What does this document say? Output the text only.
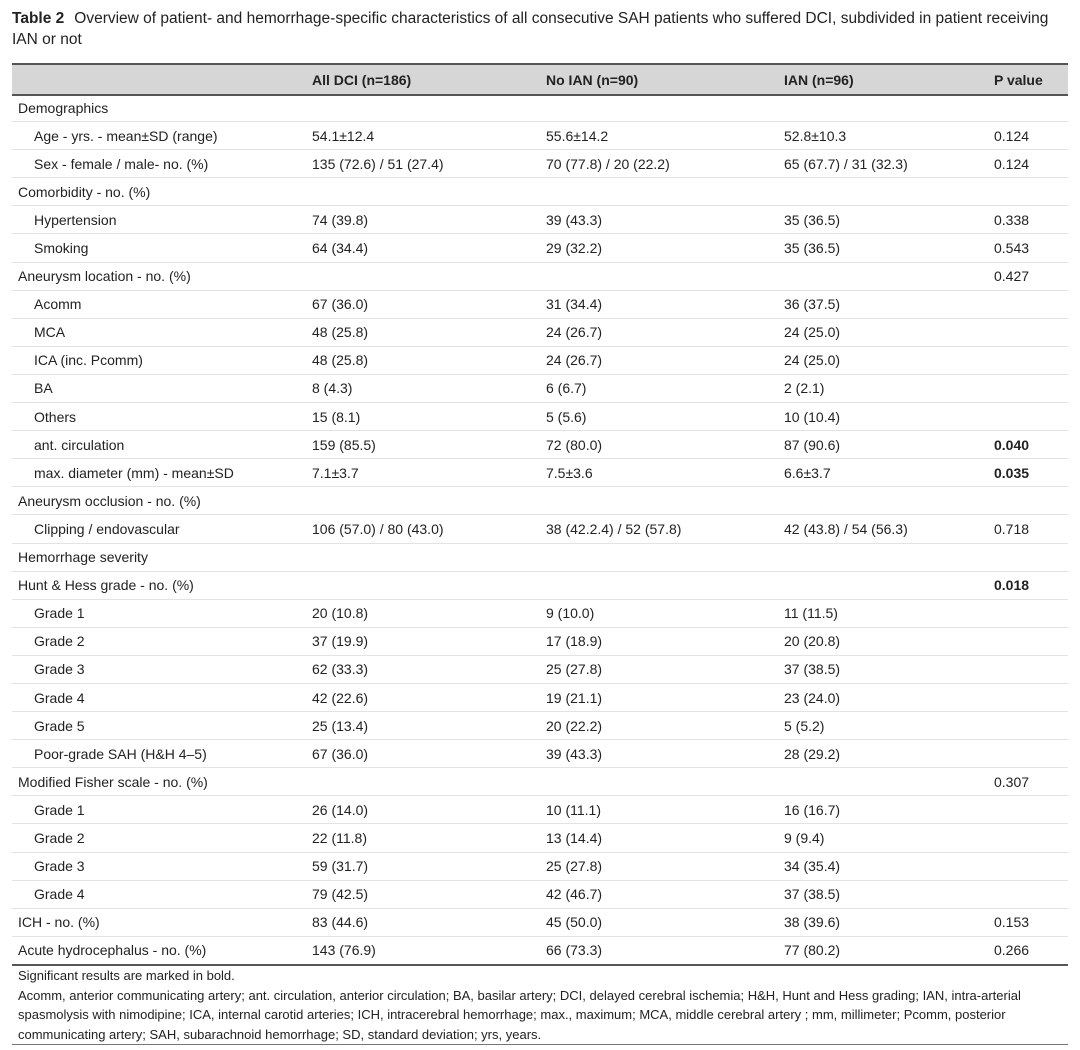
Table 2 Overview of patient- and hemorrhage-specific characteristics of all consecutive SAH patients who suffered DCI, subdivided in patient receiving IAN or not
	All DCI (n=186)	No IAN (n=90)	IAN (n=96)	P value
Demographics				
Age - yrs. - mean±SD (range)	54.1±12.4	55.6±14.2	52.8±10.3	0.124
Sex - female / male- no. (%)	135 (72.6) / 51 (27.4)	70 (77.8) / 20 (22.2)	65 (67.7) / 31 (32.3)	0.124
Comorbidity - no. (%)				
Hypertension	74 (39.8)	39 (43.3)	35 (36.5)	0.338
Smoking	64 (34.4)	29 (32.2)	35 (36.5)	0.543
Aneurysm location - no. (%)				0.427
Acomm	67 (36.0)	31 (34.4)	36 (37.5)	
MCA	48 (25.8)	24 (26.7)	24 (25.0)	
ICA (inc. Pcomm)	48 (25.8)	24 (26.7)	24 (25.0)	
BA	8 (4.3)	6 (6.7)	2 (2.1)	
Others	15 (8.1)	5 (5.6)	10 (10.4)	
ant. circulation	159 (85.5)	72 (80.0)	87 (90.6)	0.040
max. diameter (mm) - mean±SD	7.1±3.7	7.5±3.6	6.6±3.7	0.035
Aneurysm occlusion - no. (%)				
Clipping / endovascular	106 (57.0) / 80 (43.0)	38 (42.2.4) / 52 (57.8)	42 (43.8) / 54 (56.3)	0.718
Hemorrhage severity				
Hunt & Hess grade - no. (%)				0.018
Grade 1	20 (10.8)	9 (10.0)	11 (11.5)	
Grade 2	37 (19.9)	17 (18.9)	20 (20.8)	
Grade 3	62 (33.3)	25 (27.8)	37 (38.5)	
Grade 4	42 (22.6)	19 (21.1)	23 (24.0)	
Grade 5	25 (13.4)	20 (22.2)	5 (5.2)	
Poor-grade SAH (H&H 4–5)	67 (36.0)	39 (43.3)	28 (29.2)	
Modified Fisher scale - no. (%)				0.307
Grade 1	26 (14.0)	10 (11.1)	16 (16.7)	
Grade 2	22 (11.8)	13 (14.4)	9 (9.4)	
Grade 3	59 (31.7)	25 (27.8)	34 (35.4)	
Grade 4	79 (42.5)	42 (46.7)	37 (38.5)	
ICH - no. (%)	83 (44.6)	45 (50.0)	38 (39.6)	0.153
Acute hydrocephalus - no. (%)	143 (76.9)	66 (73.3)	77 (80.2)	0.266
Significant results are marked in bold.
Acomm, anterior communicating artery; ant. circulation, anterior circulation; BA, basilar artery; DCI, delayed cerebral ischemia; H&H, Hunt and Hess grading; IAN, intra-arterial spasmolysis with nimodipine; ICA, internal carotid arteries; ICH, intracerebral hemorrhage; max., maximum; MCA, middle cerebral artery ; mm, millimeter; Pcomm, posterior communicating artery; SAH, subarachnoid hemorrhage; SD, standard deviation; yrs, years.
